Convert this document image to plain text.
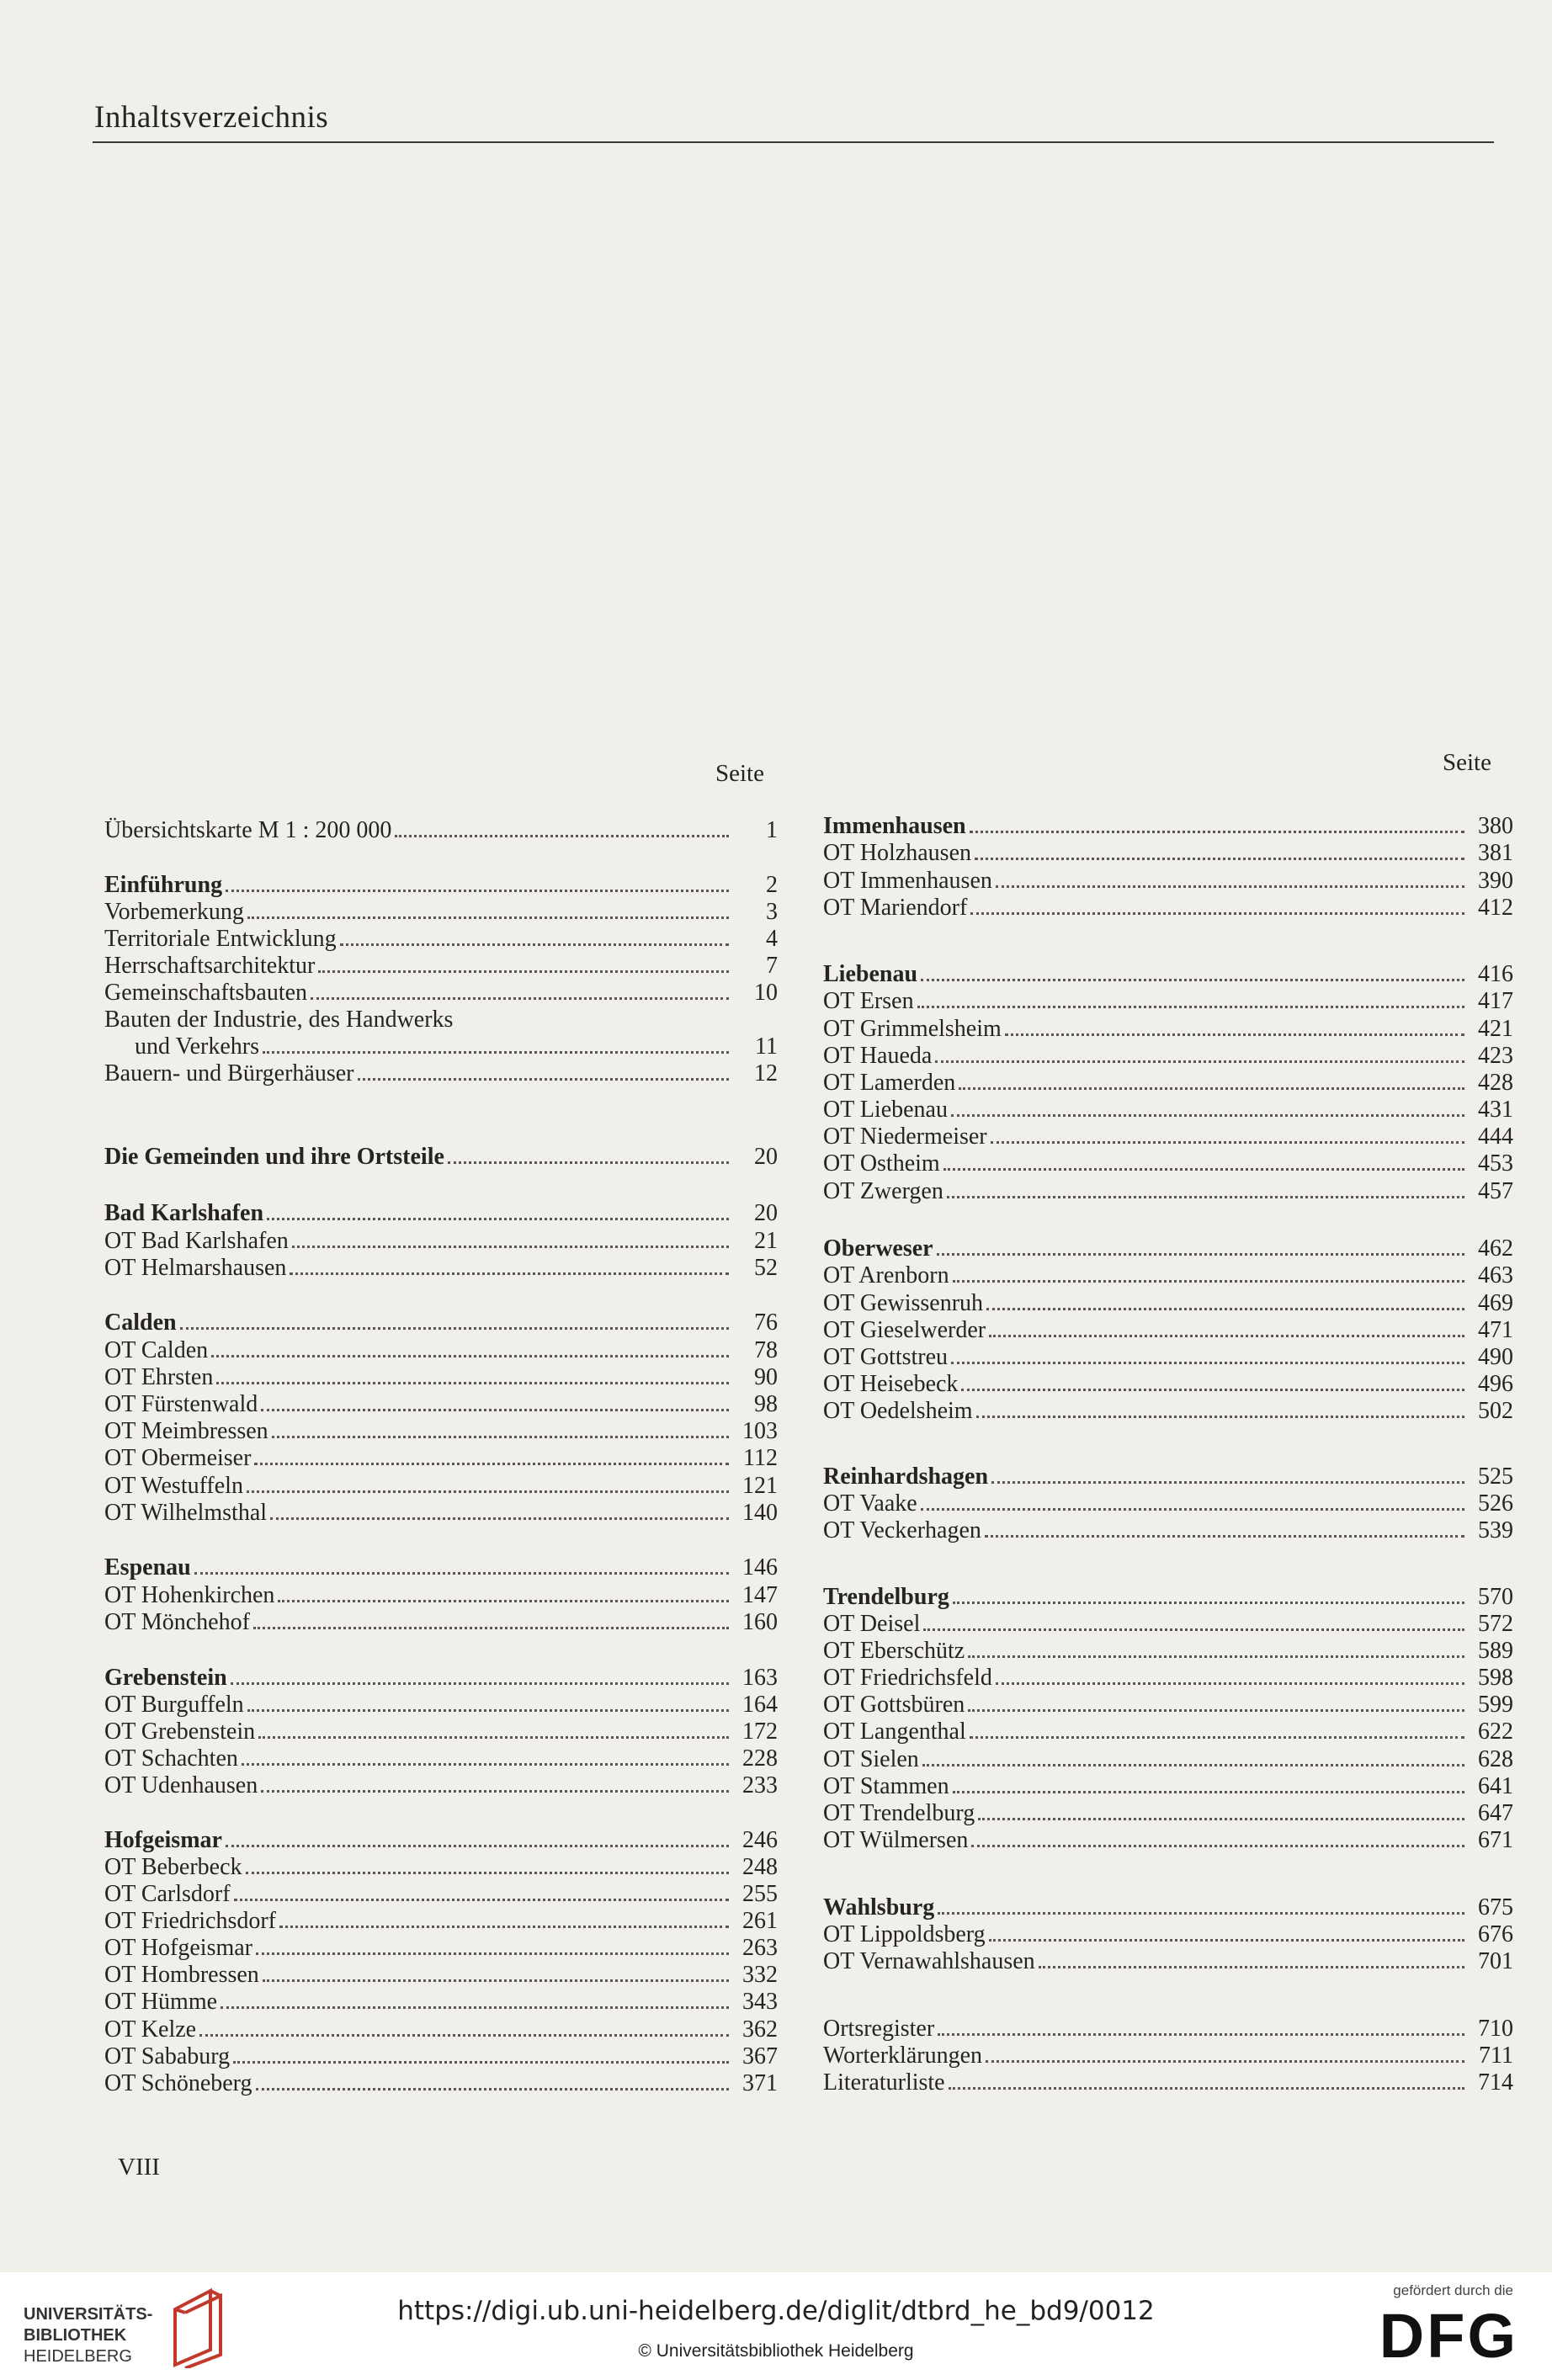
Inhaltsverzeichnis
Seite
Übersichtskarte M 1 : 200 000	1
Einführung	2
Vorbemerkung	3
Territoriale Entwicklung	4
Herrschaftsarchitektur	7
Gemeinschaftsbauten	10
Bauten der Industrie, des Handwerks
und Verkehrs	11
Bauern- und Bürgerhäuser	12
Die Gemeinden und ihre Ortsteile	20
Bad Karlshafen	20
OT Bad Karlshafen	21
OT Helmarshausen	52
Calden	76
OT Calden	78
OT Ehrsten	90
OT Fürstenwald	98
OT Meimbressen	103
OT Obermeiser	112
OT Westuffeln	121
OT Wilhelmsthal	140
Espenau	146
OT Hohenkirchen	147
OT Mönchehof	160
Grebenstein	163
OT Burguffeln	164
OT Grebenstein	172
OT Schachten	228
OT Udenhausen	233
Hofgeismar	246
OT Beberbeck	248
OT Carlsdorf	255
OT Friedrichsdorf	261
OT Hofgeismar	263
OT Hombressen	332
OT Hümme	343
OT Kelze	362
OT Sababurg	367
OT Schöneberg	371
Seite
Immenhausen	380
OT Holzhausen	381
OT Immenhausen	390
OT Mariendorf	412
Liebenau	416
OT Ersen	417
OT Grimmelsheim	421
OT Haueda	423
OT Lamerden	428
OT Liebenau	431
OT Niedermeiser	444
OT Ostheim	453
OT Zwergen	457
Oberweser	462
OT Arenborn	463
OT Gewissenruh	469
OT Gieselwerder	471
OT Gottstreu	490
OT Heisebeck	496
OT Oedelsheim	502
Reinhardshagen	525
OT Vaake	526
OT Veckerhagen	539
Trendelburg	570
OT Deisel	572
OT Eberschütz	589
OT Friedrichsfeld	598
OT Gottsbüren	599
OT Langenthal	622
OT Sielen	628
OT Stammen	641
OT Trendelburg	647
OT Wülmersen	671
Wahlsburg	675
OT Lippoldsberg	676
OT Vernawahlshausen	701
Ortsregister	710
Worterklärungen	711
Literaturliste	714
VIII
UNIVERSITÄTS-
BIBLIOTHEK
HEIDELBERG
https://digi.ub.uni-heidelberg.de/diglit/dtbrd_he_bd9/0012
© Universitätsbibliothek Heidelberg
gefördert durch die
DFG
